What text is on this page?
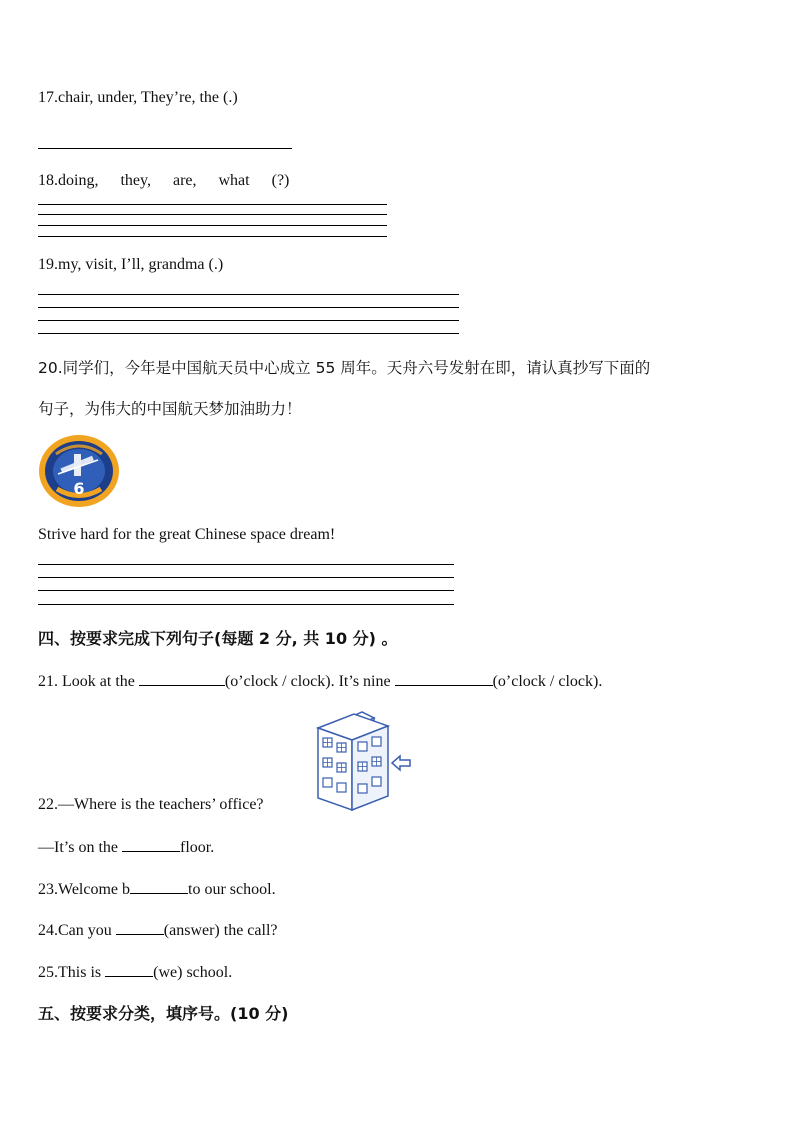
17.chair, under, They’re, the (.)
18.doing, they, are, what (?)
19.my, visit, I’ll, grandma (.)
20.同学们，今年是中国航天员中心成立 55 周年。天舟六号发射在即，请认真抄写下面的
句子，为伟大的中国航天梦加油助力！
6
Strive hard for the great Chinese space dream!
四、按要求完成下列句子(每题 2 分, 共 10 分) 。
21. Look at the	(o’clock / clock). It’s nine	(o’clock / clock).
22.—Where is the teachers’ office?
—It’s on the	floor.
23.Welcome b	to our school.
24.Can you	(answer) the call?
25.This is	(we) school.
五、按要求分类，填序号。(10 分)
